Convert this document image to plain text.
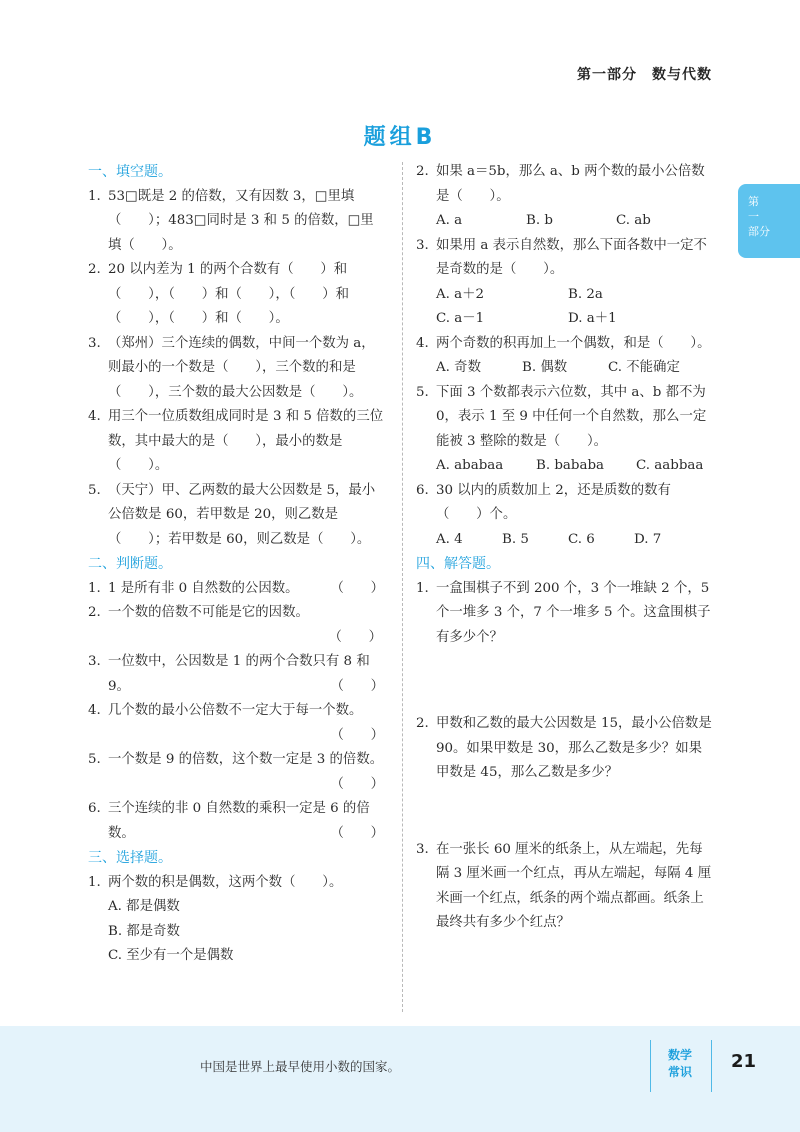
第一部分　数与代数
题组B
第
一
部分
一、填空题。
1. 53□既是 2 的倍数，又有因数 3，□里填（　　）；483□同时是 3 和 5 的倍数，□里填（　　）。
2. 20 以内差为 1 的两个合数有（　　）和（　　），（　　）和（　　），（　　）和（　　），（　　）和（　　）。
3. （郑州）三个连续的偶数，中间一个数为 a，则最小的一个数是（　　），三个数的和是（　　），三个数的最大公因数是（　　）。
4. 用三个一位质数组成同时是 3 和 5 倍数的三位数，其中最大的是（　　），最小的数是（　　）。
5. （天宁）甲、乙两数的最大公因数是 5，最小公倍数是 60，若甲数是 20，则乙数是（　　）；若甲数是 60，则乙数是（　　）。
二、判断题。
1. 1 是所有非 0 自然数的公因数。	（　　）
2. 一个数的倍数不可能是它的因数。
（　　）
3. 一位数中，公因数是 1 的两个合数只有 8 和 9。	（　　）
4. 几个数的最小公倍数不一定大于每一个数。
（　　）
5. 一个数是 9 的倍数，这个数一定是 3 的倍数。
（　　）
6. 三个连续的非 0 自然数的乘积一定是 6 的倍数。	（　　）
三、选择题。
1. 两个数的积是偶数，这两个数（　　）。
A. 都是偶数
B. 都是奇数
C. 至少有一个是偶数
2. 如果 a＝5b，那么 a、b 两个数的最小公倍数是（　　）。
A. a	B. b	C. ab
3. 如果用 a 表示自然数，那么下面各数中一定不是奇数的是（　　）。
A. a＋2	B. 2a
C. a－1	D. a＋1
4. 两个奇数的积再加上一个偶数，和是（　　）。
A. 奇数	B. 偶数	C. 不能确定
5. 下面 3 个数都表示六位数，其中 a、b 都不为 0，表示 1 至 9 中任何一个自然数，那么一定能被 3 整除的数是（　　）。
A. ababaa	B. bababa	C. aabbaa
6. 30 以内的质数加上 2，还是质数的数有（　　）个。
A. 4	B. 5	C. 6	D. 7
四、解答题。
1. 一盒围棋子不到 200 个，3 个一堆缺 2 个，5 个一堆多 3 个，7 个一堆多 5 个。这盒围棋子有多少个？
2. 甲数和乙数的最大公因数是 15，最小公倍数是 90。如果甲数是 30，那么乙数是多少？如果甲数是 45，那么乙数是多少？
3. 在一张长 60 厘米的纸条上，从左端起，先每隔 3 厘米画一个红点，再从左端起，每隔 4 厘米画一个红点，纸条的两个端点都画。纸条上最终共有多少个红点？
中国是世界上最早使用小数的国家。
数学
常识 21
